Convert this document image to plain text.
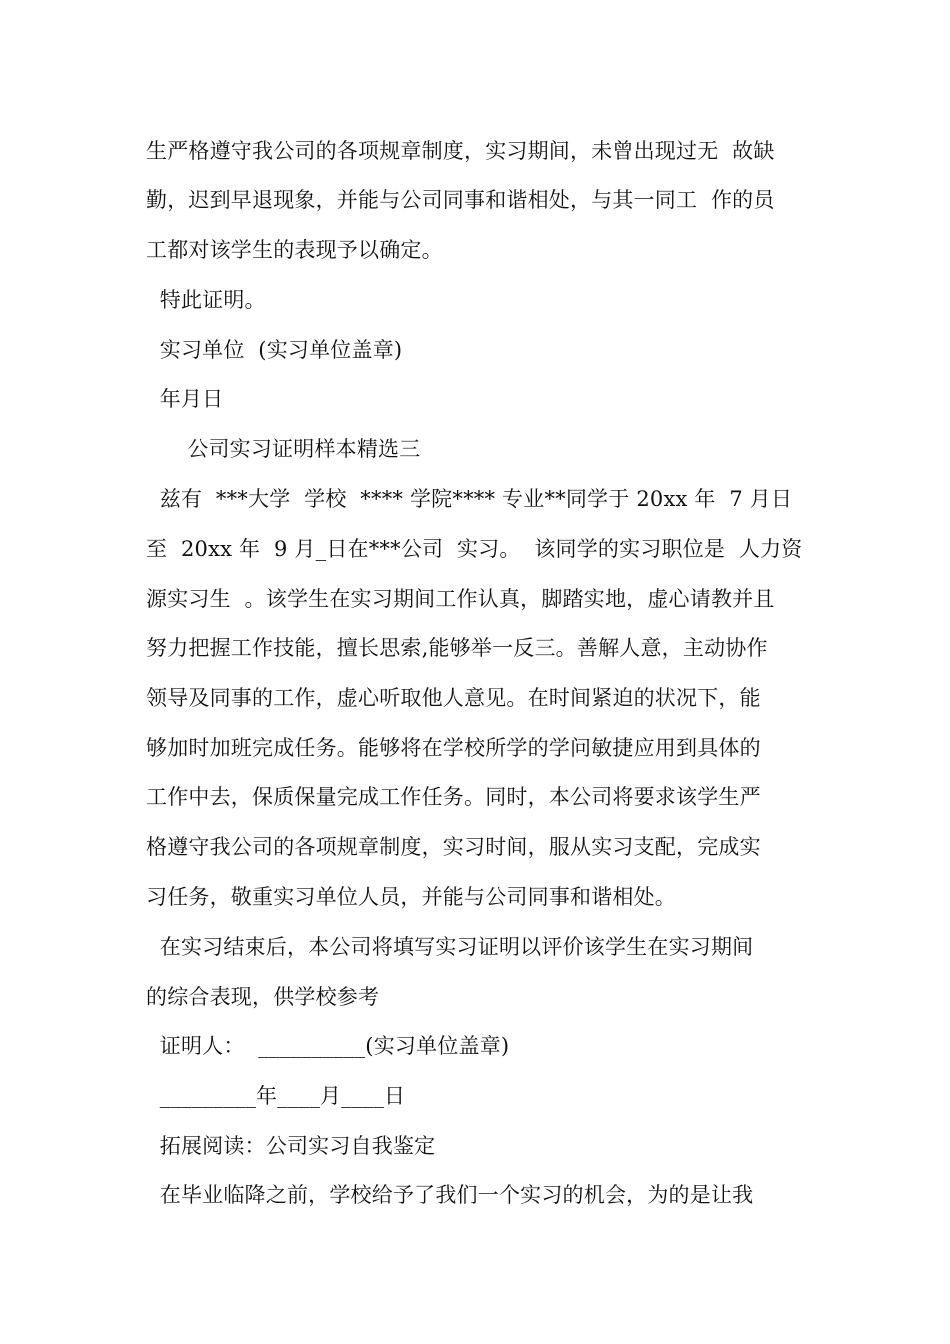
生严格遵守我公司的各项规章制度，实习期间，未曾出现过无  故缺
勤，迟到早退现象，并能与公司同事和谐相处，与其一同工  作的员
工都对该学生的表现予以确定。
特此证明。
实习单位  (实习单位盖章)
年月日
公司实习证明样本精选三
兹有  ***大学  学校  **** 学院**** 专业**同学于 20xx 年  7 月日
至  20xx 年  9 月_日在***公司  实习。  该同学的实习职位是  人力资
源实习生  。该学生在实习期间工作认真，脚踏实地，虚心请教并且
努力把握工作技能，擅长思索,能够举一反三。善解人意，主动协作
领导及同事的工作，虚心听取他人意见。在时间紧迫的状况下，能
够加时加班完成任务。能够将在学校所学的学问敏捷应用到具体的
工作中去，保质保量完成工作任务。同时，本公司将要求该学生严
格遵守我公司的各项规章制度，实习时间，服从实习支配，完成实
习任务，敬重实习单位人员，并能与公司同事和谐相处。
在实习结束后，本公司将填写实习证明以评价该学生在实习期间
的综合表现，供学校参考
证明人：  __________(实习单位盖章)
_________年____月____日
拓展阅读：公司实习自我鉴定
在毕业临降之前，学校给予了我们一个实习的机会，为的是让我
